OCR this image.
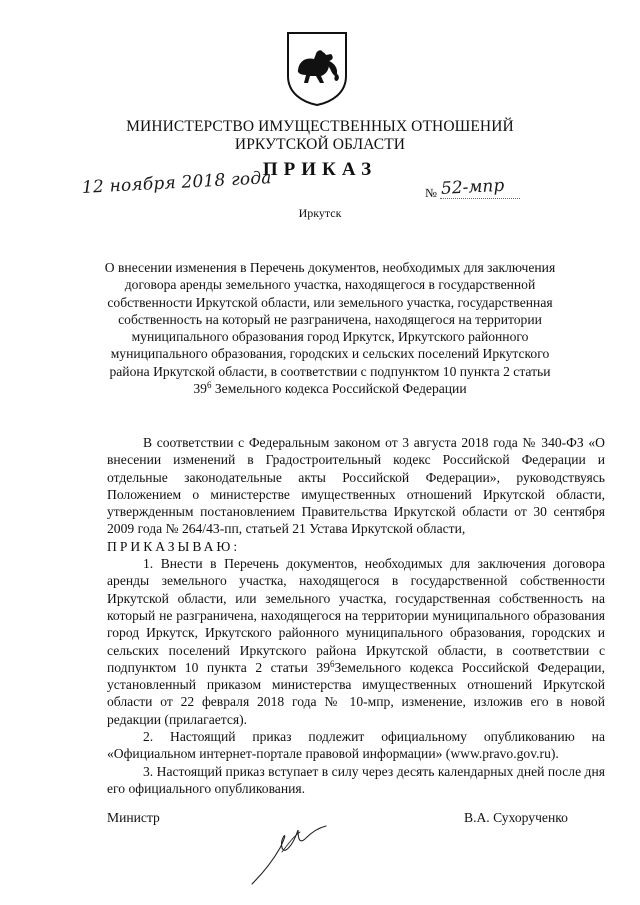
МИНИСТЕРСТВО ИМУЩЕСТВЕННЫХ ОТНОШЕНИЙ
ИРКУТСКОЙ ОБЛАСТИ
ПРИКАЗ
12 ноября 2018 года	№ 52-мпр
Иркутск
О внесении изменения в Перечень документов, необходимых для заключения договора аренды земельного участка, находящегося в государственной собственности Иркутской области, или земельного участка, государственная собственность на который не разграничена, находящегося на территории муниципального образования город Иркутск, Иркутского районного муниципального образования, городских и сельских поселений Иркутского района Иркутской области, в соответствии с подпунктом 10 пункта 2 статьи $39^6$ Земельного кодекса Российской Федерации

В соответствии с Федеральным законом от 3 августа 2018 года № 340-ФЗ «О внесении изменений в Градостроительный кодекс Российской Федерации и отдельные законодательные акты Российской Федерации», руководствуясь Положением о министерстве имущественных отношений Иркутской области, утвержденным постановлением Правительства Иркутской области от 30 сентября 2009 года № 264/43-пп, статьей 21 Устава Иркутской области,

ПРИКАЗЫВАЮ:

1. Внести в Перечень документов, необходимых для заключения договора аренды земельного участка, находящегося в государственной собственности Иркутской области, или земельного участка, государственная собственность на который не разграничена, находящегося на территории муниципального образования город Иркутск, Иркутского районного муниципального образования, городских и сельских поселений Иркутского района Иркутской области, в соответствии с подпунктом 10 пункта 2 статьи $39^6Земельного$ кодекса Российской Федерации, установленный приказом министерства имущественных отношений Иркутской области от 22 февраля 2018 года № 10-мпр, изменение, изложив его в новой редакции (прилагается).

2. Настоящий приказ подлежит официальному опубликованию на «Официальном интернет-портале правовой информации» (www.pravo.gov.ru).

3. Настоящий приказ вступает в силу через десять календарных дней после дня его официального опубликования.

Министр	В.А. Сухорученко
